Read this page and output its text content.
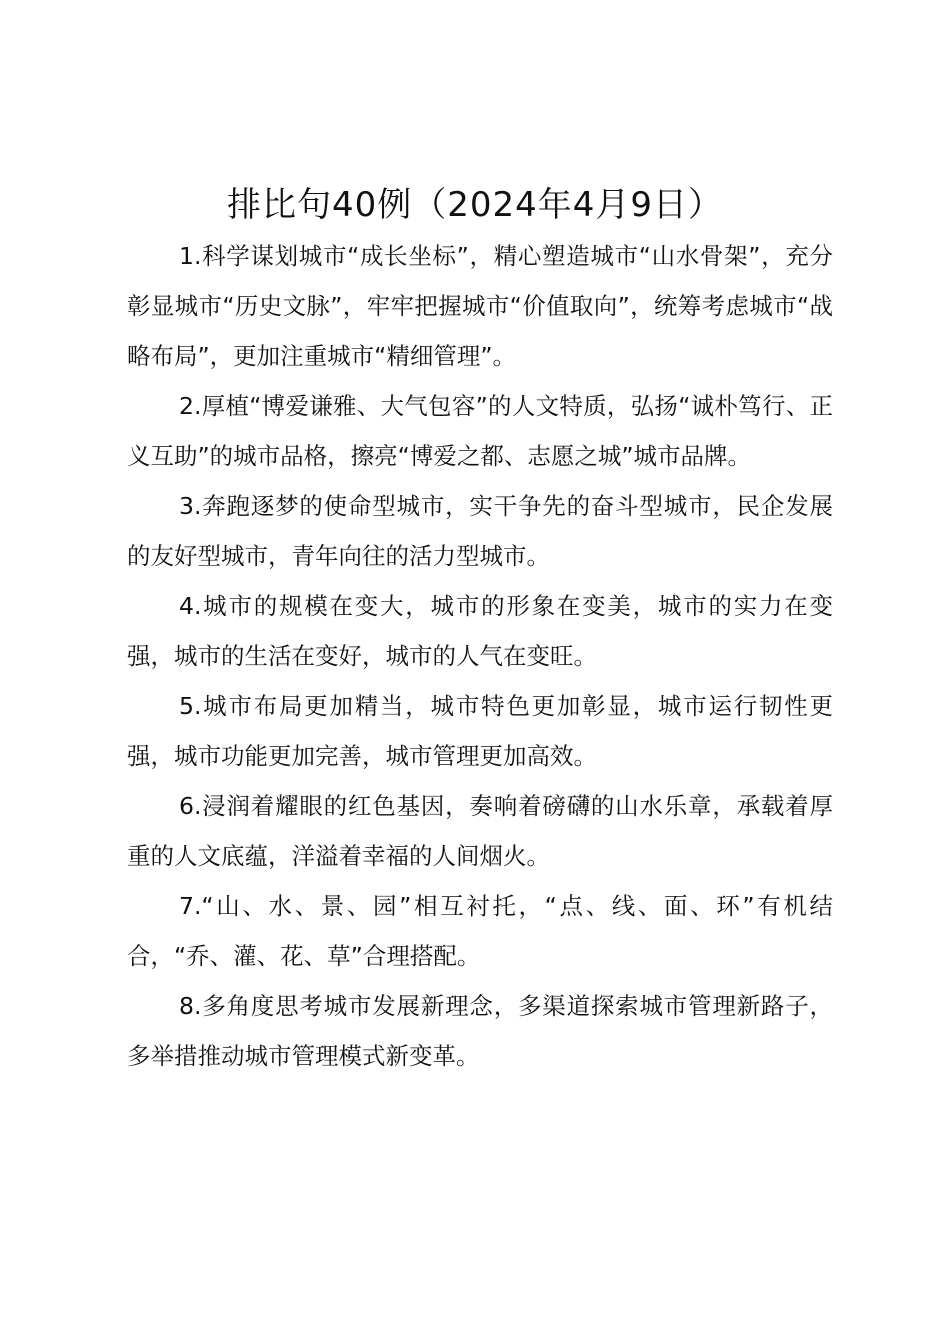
排比句40例（2024年4月9日）

1.科学谋划城市“成长坐标”，精心塑造城市“山水骨架”，充分彰显城市“历史文脉”，牢牢把握城市“价值取向”，统筹考虑城市“战略布局”，更加注重城市“精细管理”。

2.厚植“博爱谦雅、大气包容”的人文特质，弘扬“诚朴笃行、正义互助”的城市品格，擦亮“博爱之都、志愿之城”城市品牌。

3.奔跑逐梦的使命型城市，实干争先的奋斗型城市，民企发展的友好型城市，青年向往的活力型城市。

4.城市的规模在变大，城市的形象在变美，城市的实力在变强，城市的生活在变好，城市的人气在变旺。

5.城市布局更加精当，城市特色更加彰显，城市运行韧性更强，城市功能更加完善，城市管理更加高效。

6.浸润着耀眼的红色基因，奏响着磅礴的山水乐章，承载着厚重的人文底蕴，洋溢着幸福的人间烟火。

7.“山、水、景、园”相互衬托，“点、线、面、环”有机结合，“乔、灌、花、草”合理搭配。

8.多角度思考城市发展新理念，多渠道探索城市管理新路子，多举措推动城市管理模式新变革。
